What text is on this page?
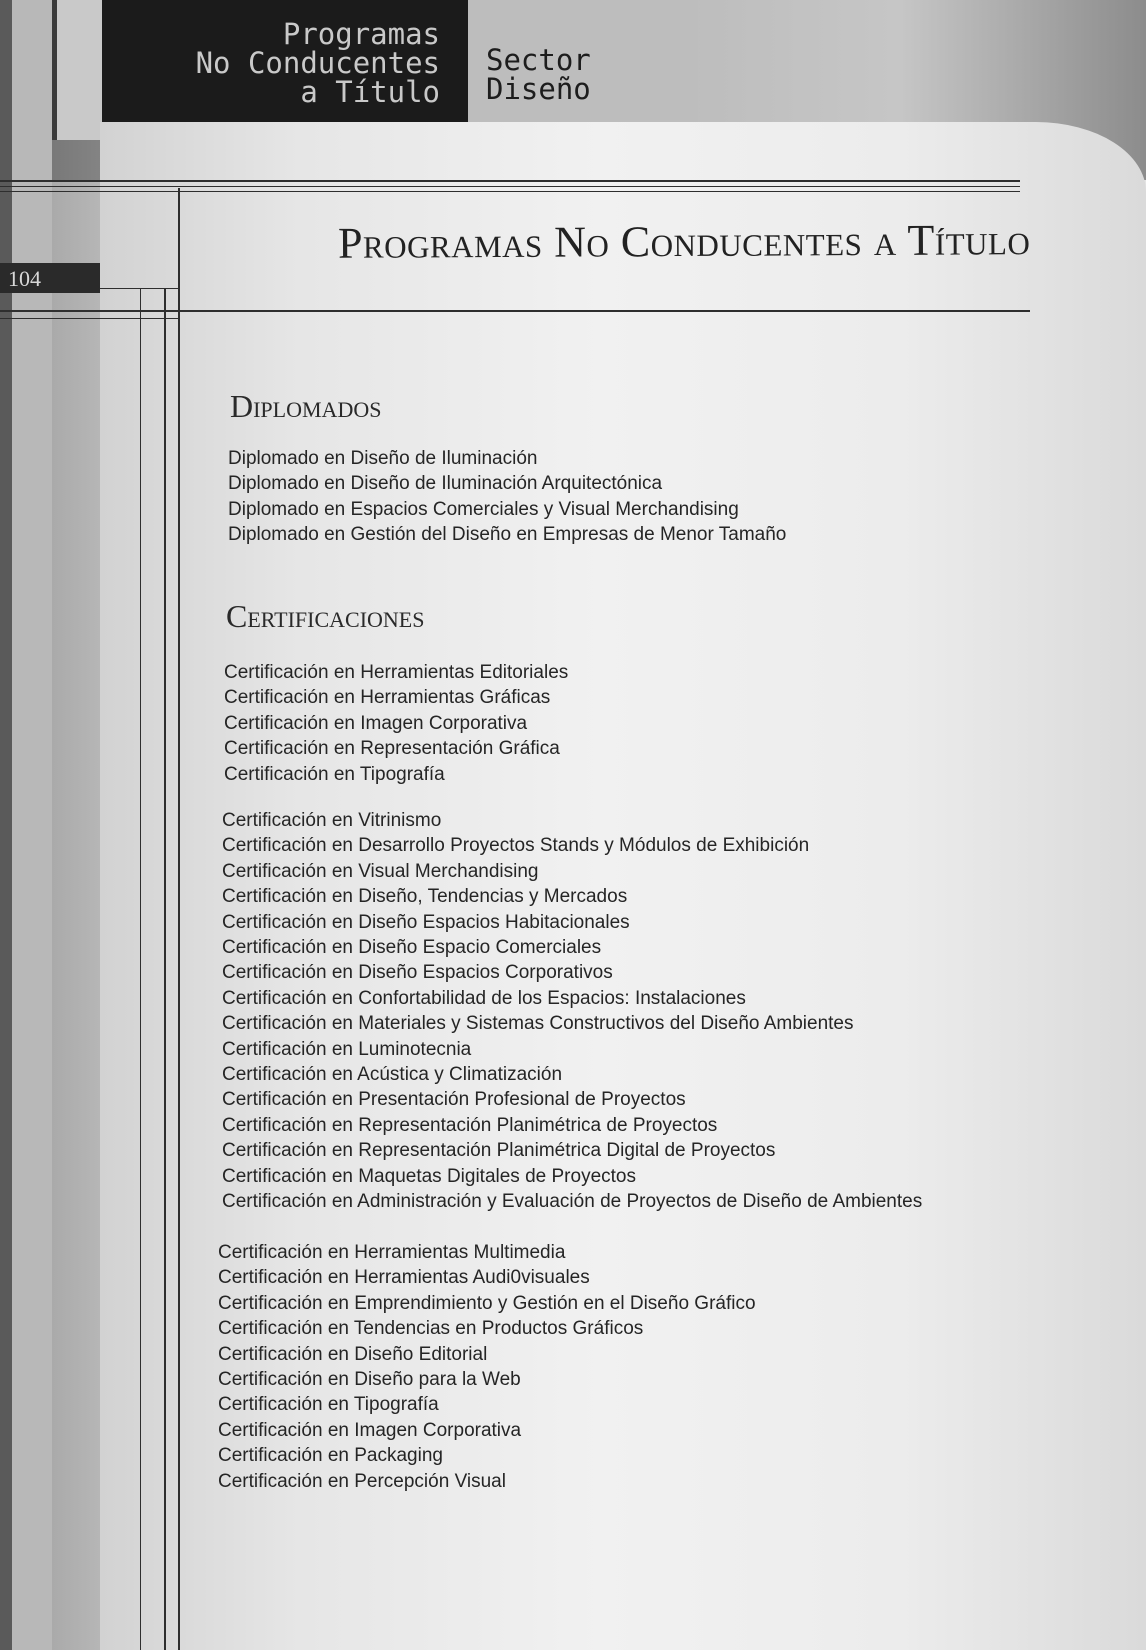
Programas
No Conducentes
a Título
Sector
Diseño
104
Programas No Conducentes a Título
Diplomados
Diplomado en Diseño de Iluminación
Diplomado en Diseño de Iluminación Arquitectónica
Diplomado en Espacios Comerciales y Visual Merchandising
Diplomado en Gestión del Diseño en Empresas de Menor Tamaño
Certificaciones
Certificación en Herramientas Editoriales
Certificación en Herramientas Gráficas
Certificación en Imagen Corporativa
Certificación en Representación Gráfica
Certificación en Tipografía
Certificación en Vitrinismo
Certificación en Desarrollo Proyectos Stands y Módulos de Exhibición
Certificación en Visual Merchandising
Certificación en Diseño, Tendencias y Mercados
Certificación en Diseño Espacios Habitacionales
Certificación en Diseño Espacio Comerciales
Certificación en Diseño Espacios Corporativos
Certificación en Confortabilidad de los Espacios: Instalaciones
Certificación en Materiales y Sistemas Constructivos del Diseño Ambientes
Certificación en Luminotecnia
Certificación en Acústica y Climatización
Certificación en Presentación Profesional de Proyectos
Certificación en Representación Planimétrica de Proyectos
Certificación en Representación Planimétrica Digital de Proyectos
Certificación en Maquetas Digitales de Proyectos
Certificación en Administración y Evaluación de Proyectos de Diseño de Ambientes
Certificación en Herramientas Multimedia
Certificación en Herramientas Audi0visuales
Certificación en Emprendimiento y Gestión en el Diseño Gráfico
Certificación en Tendencias en Productos Gráficos
Certificación en Diseño Editorial
Certificación en Diseño para la Web
Certificación en Tipografía
Certificación en Imagen Corporativa
Certificación en Packaging
Certificación en Percepción Visual
